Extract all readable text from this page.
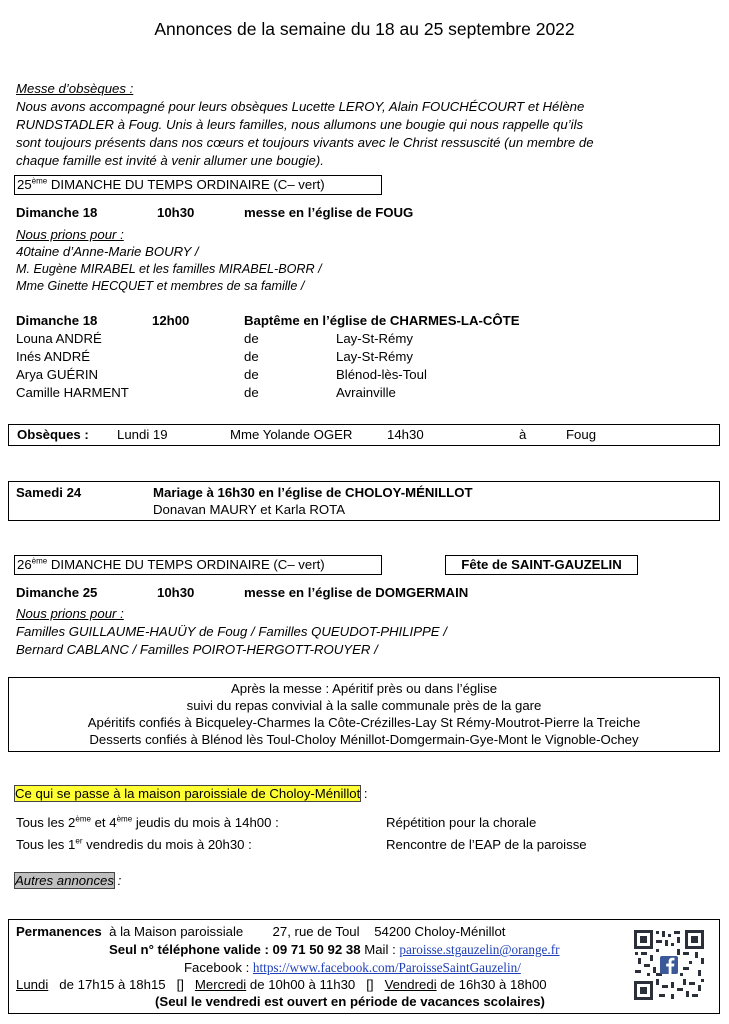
Annonces de la semaine du 18 au 25 septembre 2022
Messe d’obsèques :
Nous avons accompagné pour leurs obsèques Lucette LEROY, Alain FOUCHÉCOURT et Hélène
RUNDSTADLER à Foug. Unis à leurs familles, nous allumons une bougie qui nous rappelle qu’ils
sont toujours présents dans nos cœurs et toujours vivants avec le Christ ressuscité (un membre de
chaque famille est invité à venir allumer une bougie).
25ème DIMANCHE DU TEMPS ORDINAIRE (C– vert)
Dimanche 18	10h30	messe en l’église de FOUG
Nous prions pour :
40taine d’Anne-Marie BOURY /
M. Eugène MIRABEL et les familles MIRABEL-BORR /
Mme Ginette HECQUET et membres de sa famille /
Dimanche 18	12h00	Baptême en l’église de CHARMES-LA-CÔTE
Louna ANDRÉ	de	Lay-St-Rémy
Inés ANDRÉ	de	Lay-St-Rémy
Arya GUÉRIN	de	Blénod-lès-Toul
Camille HARMENT	de	Avrainville
Obsèques : Lundi 19	Mme Yolande OGER	14h30	à	Foug
Samedi 24	Mariage à 16h30 en l’église de CHOLOY-MÉNILLOT
Donavan MAURY et Karla ROTA
26ème DIMANCHE DU TEMPS ORDINAIRE (C– vert)	Fête de SAINT-GAUZELIN
Dimanche 25	10h30	messe en l’église de DOMGERMAIN
Nous prions pour :
Familles GUILLAUME-HAUÜY de Foug / Familles QUEUDOT-PHILIPPE /
Bernard CABLANC / Familles POIROT-HERGOTT-ROUYER /
Après la messe : Apéritif près ou dans l’église
suivi du repas convivial à la salle communale près de la gare
Apéritifs confiés à Bicqueley-Charmes la Côte-Crézilles-Lay St Rémy-Moutrot-Pierre la Treiche
Desserts confiés à Blénod lès Toul-Choloy Ménillot-Domgermain-Gye-Mont le Vignoble-Ochey
Ce qui se passe à la maison paroissiale de Choloy-Ménillot :
Tous les 2ème et 4ème jeudis du mois à 14h00 :	Répétition pour la chorale
Tous les 1er vendredis du mois à 20h30 :	Rencontre de l’EAP de la paroisse
Autres annonces :
Permanences  à la Maison paroissiale        27, rue de Toul    54200 Choloy-Ménillot
Seul n° téléphone valide : 09 71 50 92 38 Mail : paroisse.stgauzelin@orange.fr
Facebook : https://www.facebook.com/ParoisseSaintGauzelin/
Lundi   de 17h15 à 18h15   []   Mercredi de 10h00 à 11h30   []   Vendredi de 16h30 à 18h00
(Seul le vendredi est ouvert en période de vacances scolaires)
